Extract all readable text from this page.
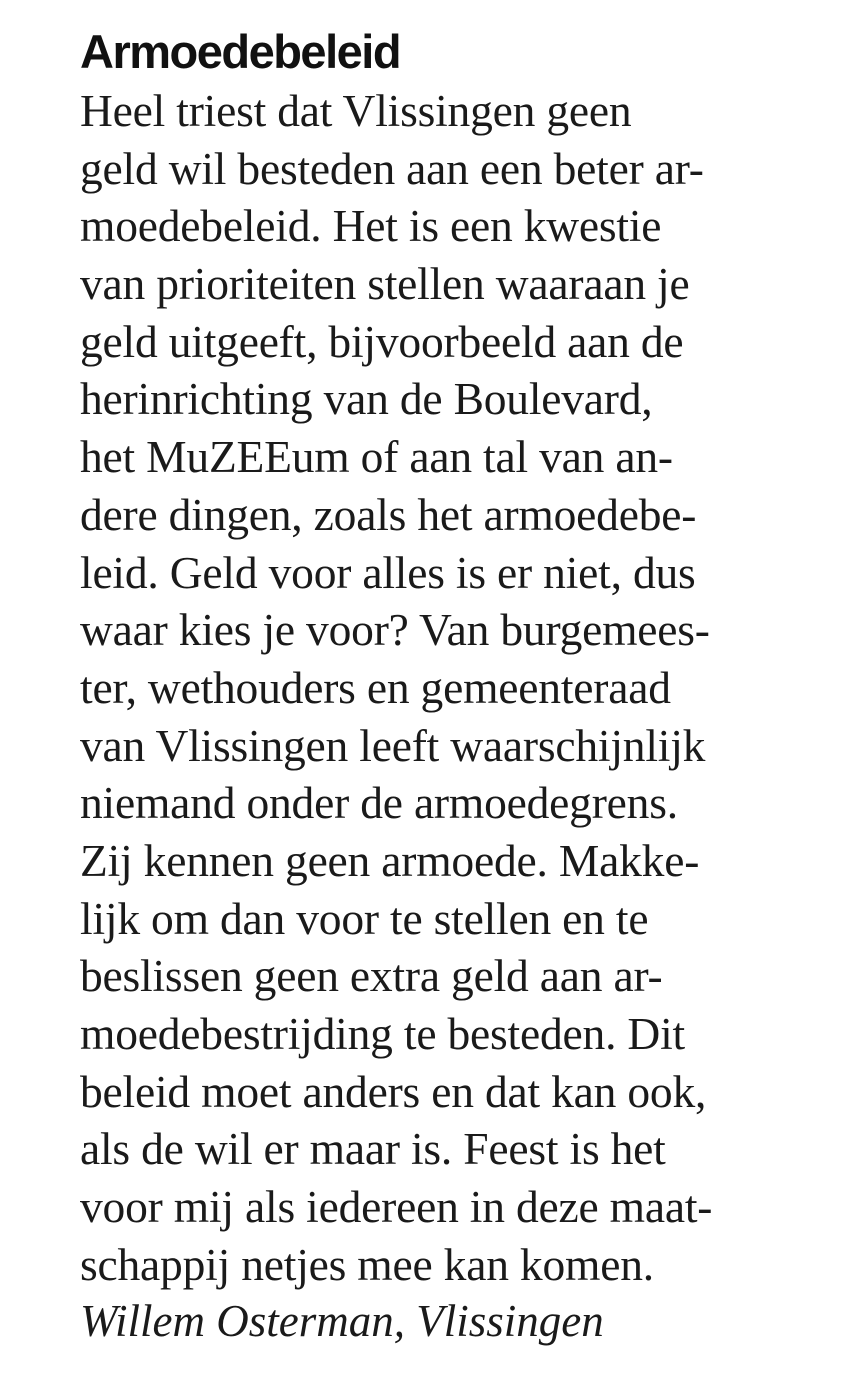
Armoedebeleid
Heel triest dat Vlissingen geen
geld wil besteden aan een beter ar-
moedebeleid. Het is een kwestie
van prioriteiten stellen waaraan je
geld uitgeeft, bijvoorbeeld aan de
herinrichting van de Boulevard,
het MuZEEum of aan tal van an-
dere dingen, zoals het armoedebe-
leid. Geld voor alles is er niet, dus
waar kies je voor? Van burgemees-
ter, wethouders en gemeenteraad
van Vlissingen leeft waarschijnlijk
niemand onder de armoedegrens.
Zij kennen geen armoede. Makke-
lijk om dan voor te stellen en te
beslissen geen extra geld aan ar-
moedebestrijding te besteden. Dit
beleid moet anders en dat kan ook,
als de wil er maar is. Feest is het
voor mij als iedereen in deze maat-
schappij netjes mee kan komen.
Willem Osterman, Vlissingen
